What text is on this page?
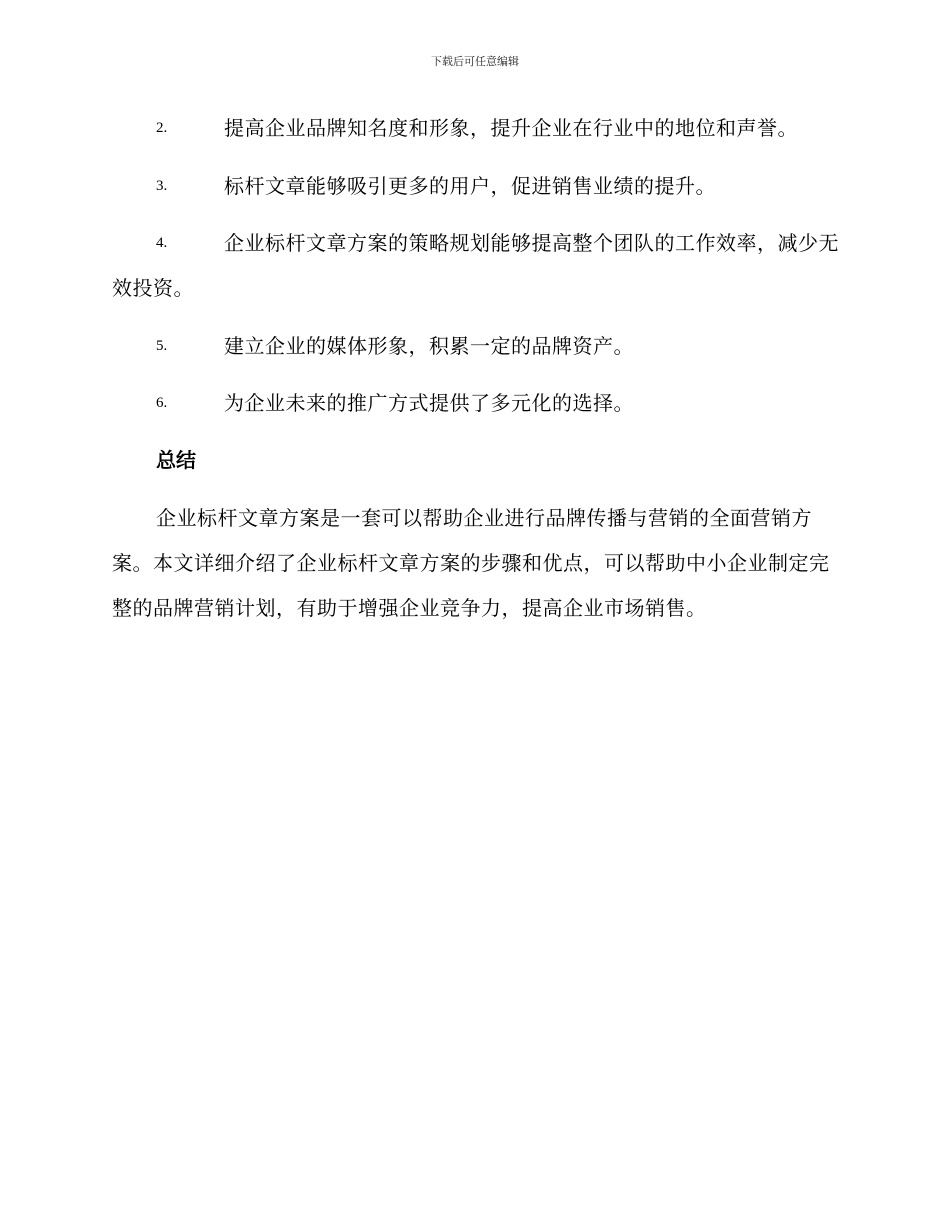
下载后可任意编辑
2.	提高企业品牌知名度和形象，提升企业在行业中的地位和声誉。
3.	标杆文章能够吸引更多的用户，促进销售业绩的提升。
4.	企业标杆文章方案的策略规划能够提高整个团队的工作效率，减少无效投资。
5.	建立企业的媒体形象，积累一定的品牌资产。
6.	为企业未来的推广方式提供了多元化的选择。
总结
企业标杆文章方案是一套可以帮助企业进行品牌传播与营销的全面营销方案。本文详细介绍了企业标杆文章方案的步骤和优点，可以帮助中小企业制定完整的品牌营销计划，有助于增强企业竞争力，提高企业市场销售。
